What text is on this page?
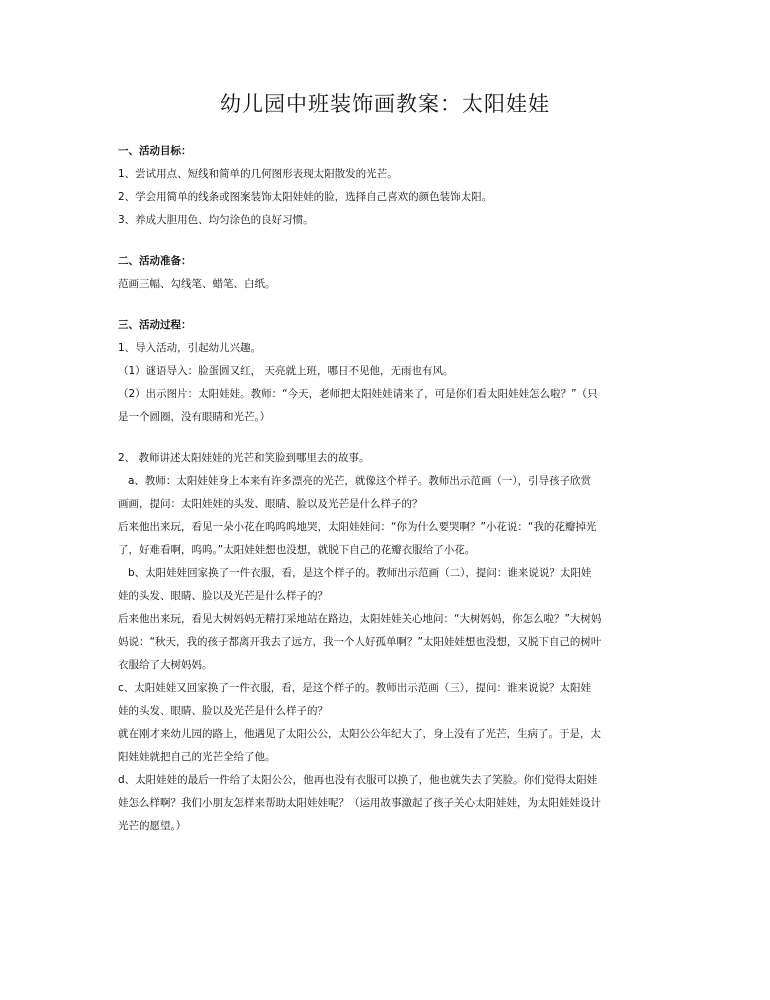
幼儿园中班装饰画教案：太阳娃娃
一、活动目标：
1、尝试用点、短线和简单的几何图形表现太阳散发的光芒。
2、学会用简单的线条或图案装饰太阳娃娃的脸，选择自己喜欢的颜色装饰太阳。
3、养成大胆用色、均匀涂色的良好习惯。
二、活动准备：
范画三幅、勾线笔、蜡笔、白纸。
三、活动过程：
1、导入活动，引起幼儿兴趣。
（1）谜语导入：脸蛋圆又红， 天亮就上班，哪日不见他，无雨也有风。
（2）出示图片：太阳娃娃。教师：“今天，老师把太阳娃娃请来了，可是你们看太阳娃娃怎么啦？”（只
是一个圆圈，没有眼睛和光芒。）
2、 教师讲述太阳娃娃的光芒和笑脸到哪里去的故事。
a、教师：太阳娃娃身上本来有许多漂亮的光芒，就像这个样子。教师出示范画（一），引导孩子欣赏
画画，提问：太阳娃娃的头发、眼睛、脸以及光芒是什么样子的？
后来他出来玩，看见一朵小花在呜呜呜地哭，太阳娃娃问：“你为什么要哭啊？”小花说：“我的花瓣掉光
了，好难看啊，呜呜。”太阳娃娃想也没想，就脱下自己的花瓣衣服给了小花。
b、太阳娃娃回家换了一件衣服，看，是这个样子的。教师出示范画（二），提问：谁来说说？太阳娃
娃的头发、眼睛、脸以及光芒是什么样子的？
后来他出来玩，看见大树妈妈无精打采地站在路边，太阳娃娃关心地问：“大树妈妈，你怎么啦？”大树妈
妈说：“秋天，我的孩子都离开我去了远方，我一个人好孤单啊？”太阳娃娃想也没想，又脱下自己的树叶
衣服给了大树妈妈。
c、太阳娃娃又回家换了一件衣服，看，是这个样子的。教师出示范画（三），提问：谁来说说？太阳娃
娃的头发、眼睛、脸以及光芒是什么样子的？
就在刚才来幼儿园的路上，他遇见了太阳公公，太阳公公年纪大了，身上没有了光芒，生病了。于是，太
阳娃娃就把自己的光芒全给了他。
d、太阳娃娃的最后一件给了太阳公公，他再也没有衣服可以换了，他也就失去了笑脸。你们觉得太阳娃
娃怎么样啊？我们小朋友怎样来帮助太阳娃娃呢？（运用故事激起了孩子关心太阳娃娃，为太阳娃娃设计
光芒的愿望。）
